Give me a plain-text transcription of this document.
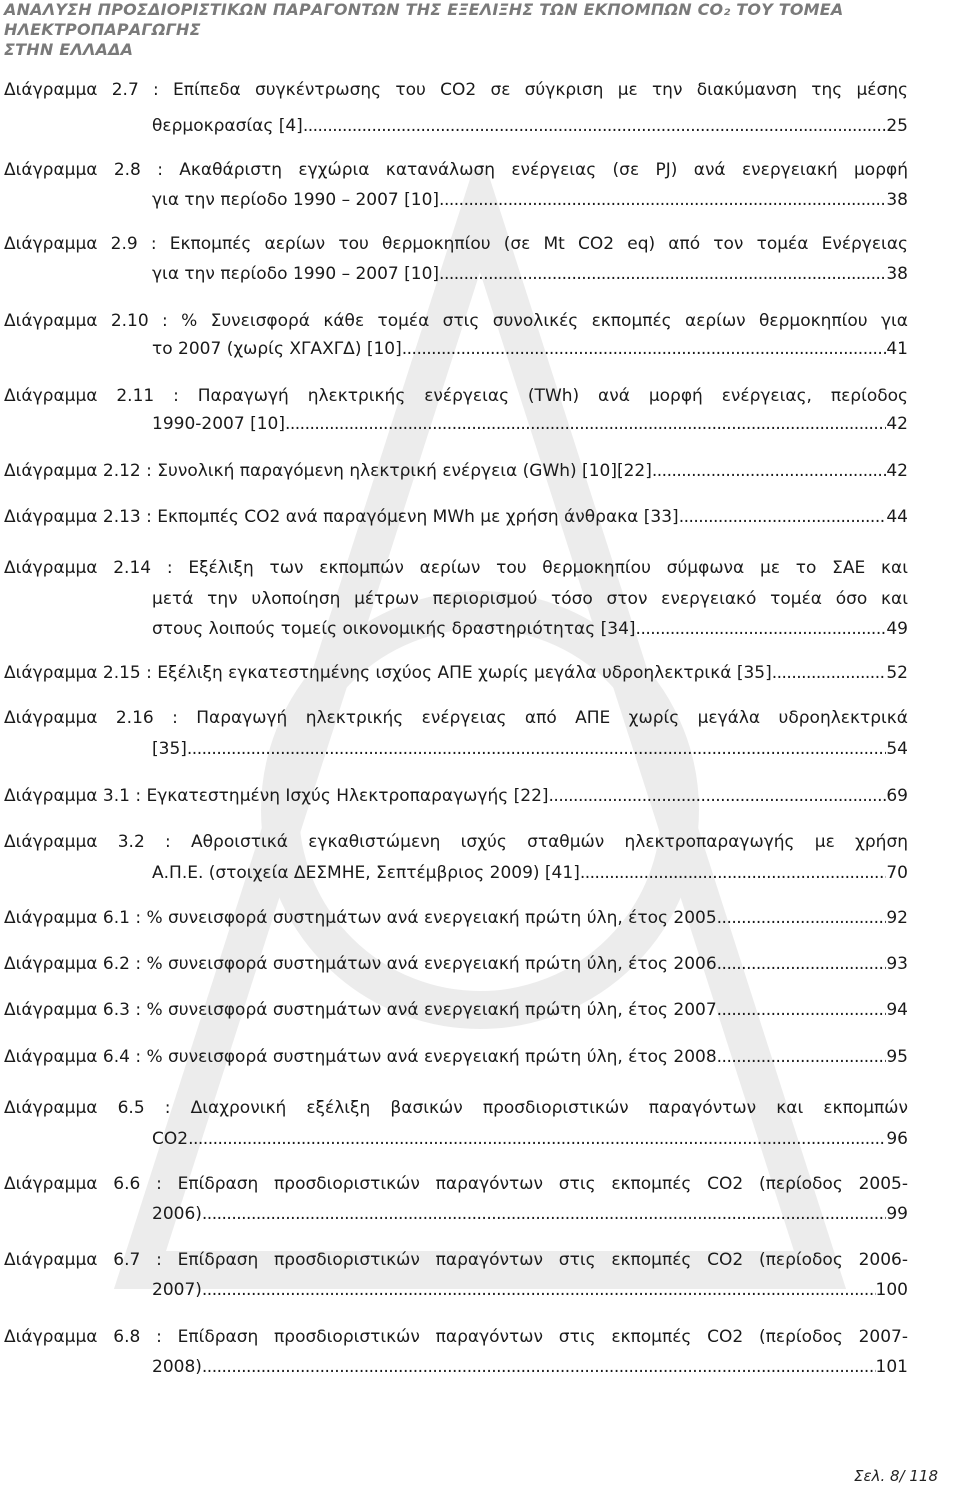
ΑΝΑΛΥΣΗ ΠΡΟΣΔΙΟΡΙΣΤΙΚΩΝ ΠΑΡΑΓΟΝΤΩΝ ΤΗΣ ΕΞΕΛΙΞΗΣ ΤΩΝ ΕΚΠΟΜΠΩΝ CO₂ ΤΟΥ ΤΟΜΕΑ ΗΛΕΚΤΡΟΠΑΡΑΓΩΓΗΣ
ΣΤΗΝ ΕΛΛΑΔΑ
Διάγραμμα 2.7 : Επίπεδα συγκέντρωσης του CO2 σε σύγκριση με την διακύμανση της μέσης
θερμοκρασίας [4] .....	25
Διάγραμμα 2.8 : Ακαθάριστη εγχώρια κατανάλωση ενέργειας (σε PJ) ανά ενεργειακή μορφή
για την περίοδο 1990 – 2007 [10] .....	38
Διάγραμμα 2.9 : Εκπομπές αερίων του θερμοκηπίου (σε Mt CO2 eq) από τον τομέα Ενέργειας
για την περίοδο 1990 – 2007 [10] .....	38
Διάγραμμα 2.10 : % Συνεισφορά κάθε τομέα στις συνολικές εκπομπές αερίων θερμοκηπίου για
το 2007 (χωρίς ΧΓΑΧΓΔ) [10] .....	41
Διάγραμμα 2.11 : Παραγωγή ηλεκτρικής ενέργειας (TWh) ανά μορφή ενέργειας, περίοδος
1990-2007 [10] .....	42
Διάγραμμα 2.12 : Συνολική παραγόμενη ηλεκτρική ενέργεια (GWh) [10][22] .....	42
Διάγραμμα 2.13 : Εκπομπές CO2 ανά παραγόμενη MWh με χρήση άνθρακα [33] .....	44
Διάγραμμα 2.14 : Εξέλιξη των εκπομπών αερίων του θερμοκηπίου σύμφωνα με το ΣΑΕ και
μετά την υλοποίηση μέτρων περιορισμού τόσο στον ενεργειακό τομέα όσο και
στους λοιπούς τομείς οικονομικής δραστηριότητας [34] .....	49
Διάγραμμα 2.15 : Εξέλιξη εγκατεστημένης ισχύος ΑΠΕ χωρίς μεγάλα υδροηλεκτρικά [35] .....	52
Διάγραμμα 2.16 : Παραγωγή ηλεκτρικής ενέργειας από ΑΠΕ χωρίς μεγάλα υδροηλεκτρικά
[35] .....	54
Διάγραμμα 3.1 : Εγκατεστημένη Ισχύς Ηλεκτροπαραγωγής [22] .....	69
Διάγραμμα 3.2 : Αθροιστικά εγκαθιστώμενη ισχύς σταθμών ηλεκτροπαραγωγής με χρήση
Α.Π.Ε. (στοιχεία ΔΕΣΜΗΕ, Σεπτέμβριος 2009) [41] .....	70
Διάγραμμα 6.1 : % συνεισφορά συστημάτων ανά ενεργειακή πρώτη ύλη, έτος 2005 .....	92
Διάγραμμα 6.2 : % συνεισφορά συστημάτων ανά ενεργειακή πρώτη ύλη, έτος 2006 .....	93
Διάγραμμα 6.3 : % συνεισφορά συστημάτων ανά ενεργειακή πρώτη ύλη, έτος 2007 .....	94
Διάγραμμα 6.4 : % συνεισφορά συστημάτων ανά ενεργειακή πρώτη ύλη, έτος 2008 .....	95
Διάγραμμα 6.5 : Διαχρονική εξέλιξη βασικών προσδιοριστικών παραγόντων και εκπομπών
CO2 .....	96
Διάγραμμα 6.6 : Επίδραση προσδιοριστικών παραγόντων στις εκπομπές CO2 (περίοδος 2005-
2006) .....	99
Διάγραμμα 6.7 : Επίδραση προσδιοριστικών παραγόντων στις εκπομπές CO2 (περίοδος 2006-
2007) .....	100
Διάγραμμα 6.8 : Επίδραση προσδιοριστικών παραγόντων στις εκπομπές CO2 (περίοδος 2007-
2008) .....	101
Σελ. 8/ 118
